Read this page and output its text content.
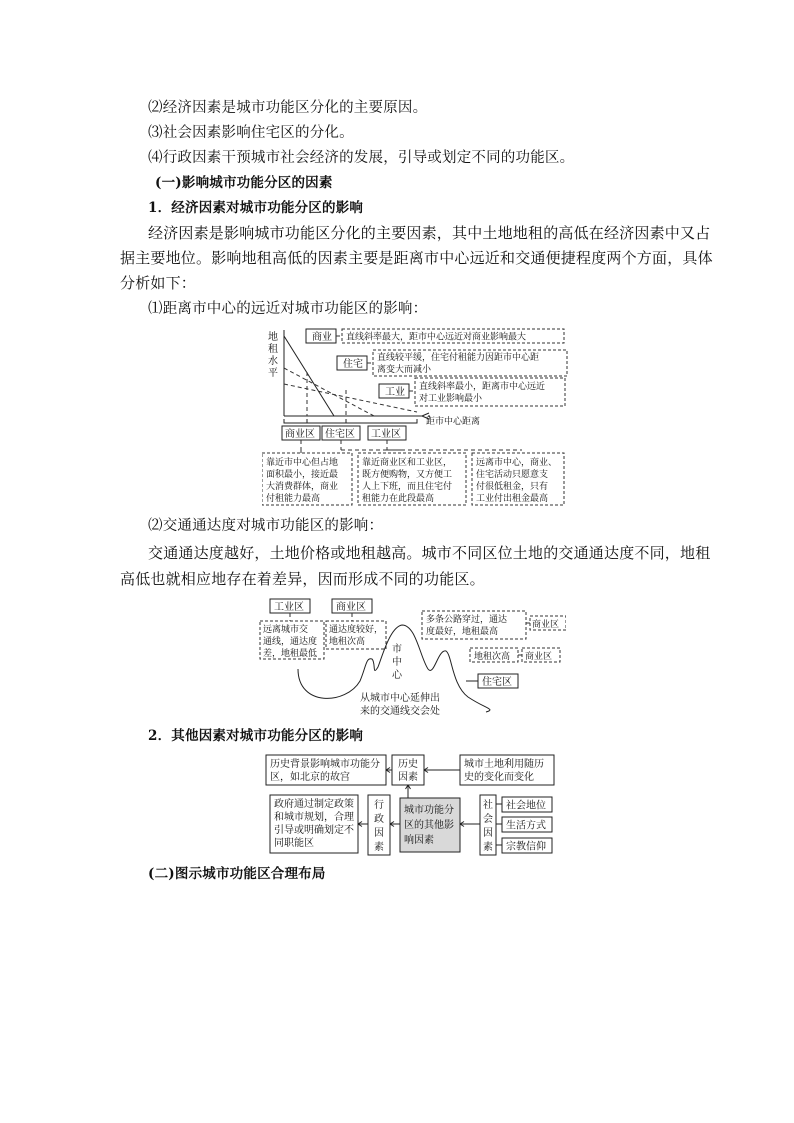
⑵经济因素是城市功能区分化的主要原因。
⑶社会因素影响住宅区的分化。
⑷行政因素干预城市社会经济的发展，引导或划定不同的功能区。
(一)影响城市功能分区的因素
1．经济因素对城市功能分区的影响
经济因素是影响城市功能区分化的主要因素，其中土地地租的高低在经济因素中又占
据主要地位。影响地租高低的因素主要是距离市中心远近和交通便捷程度两个方面，具体
分析如下：
⑴距离市中心的远近对城市功能区的影响：
地
租
水
平
距市中心距离
商业
住宅
工业
直线斜率最大，距市中心远近对商业影响最大
直线较平缓，住宅付租能力因距市中心距
离变大而减小
直线斜率最小，距离市中心远近
对工业影响最小
商业区 住宅区 工业区
靠近市中心但占地
面积最小，接近最
大消费群体，商业
付租能力最高
靠近商业区和工业区，
既方便购物，又方便工
人上下班，而且住宅付
租能力在此段最高
远离市中心，商业、
住宅活动只愿意支
付很低租金，只有
工业付出租金最高
⑵交通通达度对城市功能区的影响：
交通通达度越好，土地价格或地租越高。城市不同区位土地的交通通达度不同，地租
高低也就相应地存在着差异，因而形成不同的功能区。
工业区	商业区
远离城市交
通线，通达度
差，地租最低
通达度较好，
地租次高
市
中
心
多条公路穿过，通达
度最好，地租最高
商业区
地租次高 商业区
住宅区
从城市中心延伸出
来的交通线交会处
2．其他因素对城市功能分区的影响
历史背景影响城市功能分
区，如北京的故宫
历史
因素
城市土地利用随历
史的变化而变化
政府通过制定政策
和城市规划，合理
引导或明确划定不
同职能区
行
政
因
素
城市功能分
区的其他影
响因素
社
会
因
素
社会地位
生活方式
宗教信仰
(二)图示城市功能区合理布局
